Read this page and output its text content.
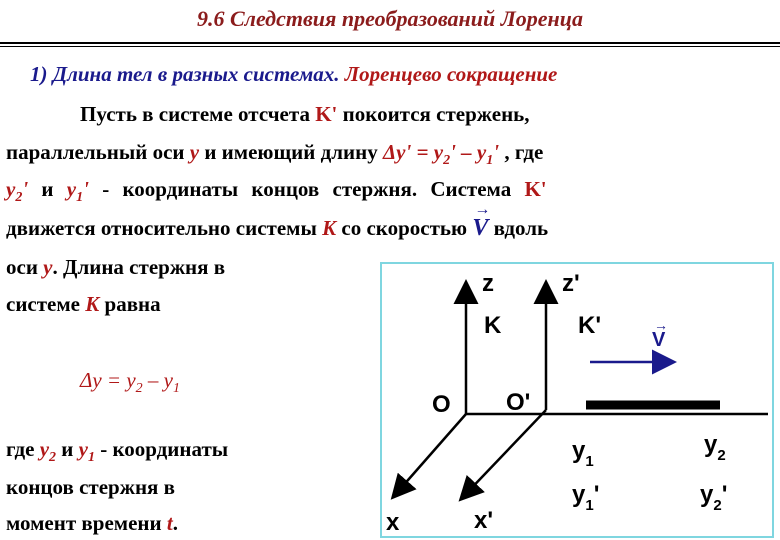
9.6 Следствия преобразований Лоренца
1) Длина тел в разных системах. Лоренцево сокращение
Пусть в системе отсчета K' покоится стержень,
параллельный оси y и имеющий длину $\Delta y' = y_2' - y_1'$ , где
$y_2'$ и $y_1'$ - координаты концов стержня. Система K'
движется относительно системы K со скоростью
→
V вдоль
оси y. Длина стержня в
системе K равна
$\Delta y = y_2 - y_1$
где $y_2$ и $y_1$ - координаты
концов стержня в
момент времени t.
z	z'
K	K'
V
→
O O'
x	x'
$y_1$
$y_2$
$y_1'$	$y_2'$
